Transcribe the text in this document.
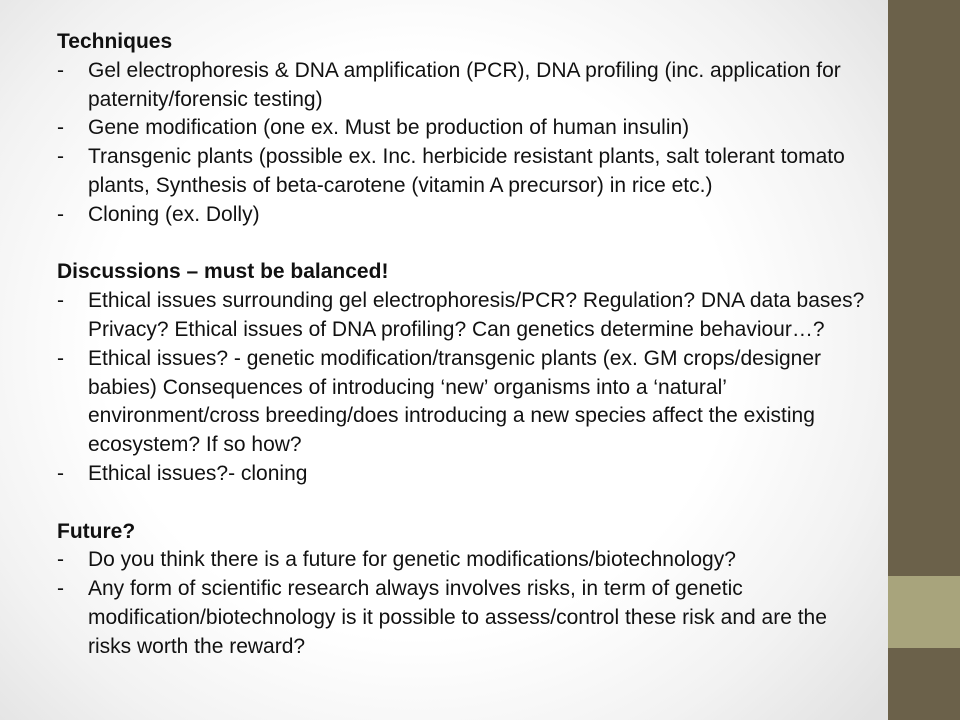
Techniques
- Gel electrophoresis & DNA amplification (PCR), DNA profiling (inc. application for
paternity/forensic testing)
- Gene modification (one ex. Must be production of human insulin)
- Transgenic plants (possible ex. Inc. herbicide resistant plants, salt tolerant tomato
plants, Synthesis of beta-carotene (vitamin A precursor) in rice etc.)
- Cloning (ex. Dolly)
Discussions – must be balanced!
- Ethical issues surrounding gel electrophoresis/PCR? Regulation? DNA data bases?
Privacy? Ethical issues of DNA profiling? Can genetics determine behaviour…?
- Ethical issues? - genetic modification/transgenic plants (ex. GM crops/designer
babies) Consequences of introducing ‘new’ organisms into a ‘natural’
environment/cross breeding/does introducing a new species affect the existing
ecosystem? If so how?
- Ethical issues?- cloning
Future?
- Do you think there is a future for genetic modifications/biotechnology?
- Any form of scientific research always involves risks, in term of genetic
modification/biotechnology is it possible to assess/control these risk and are the
risks worth the reward?
